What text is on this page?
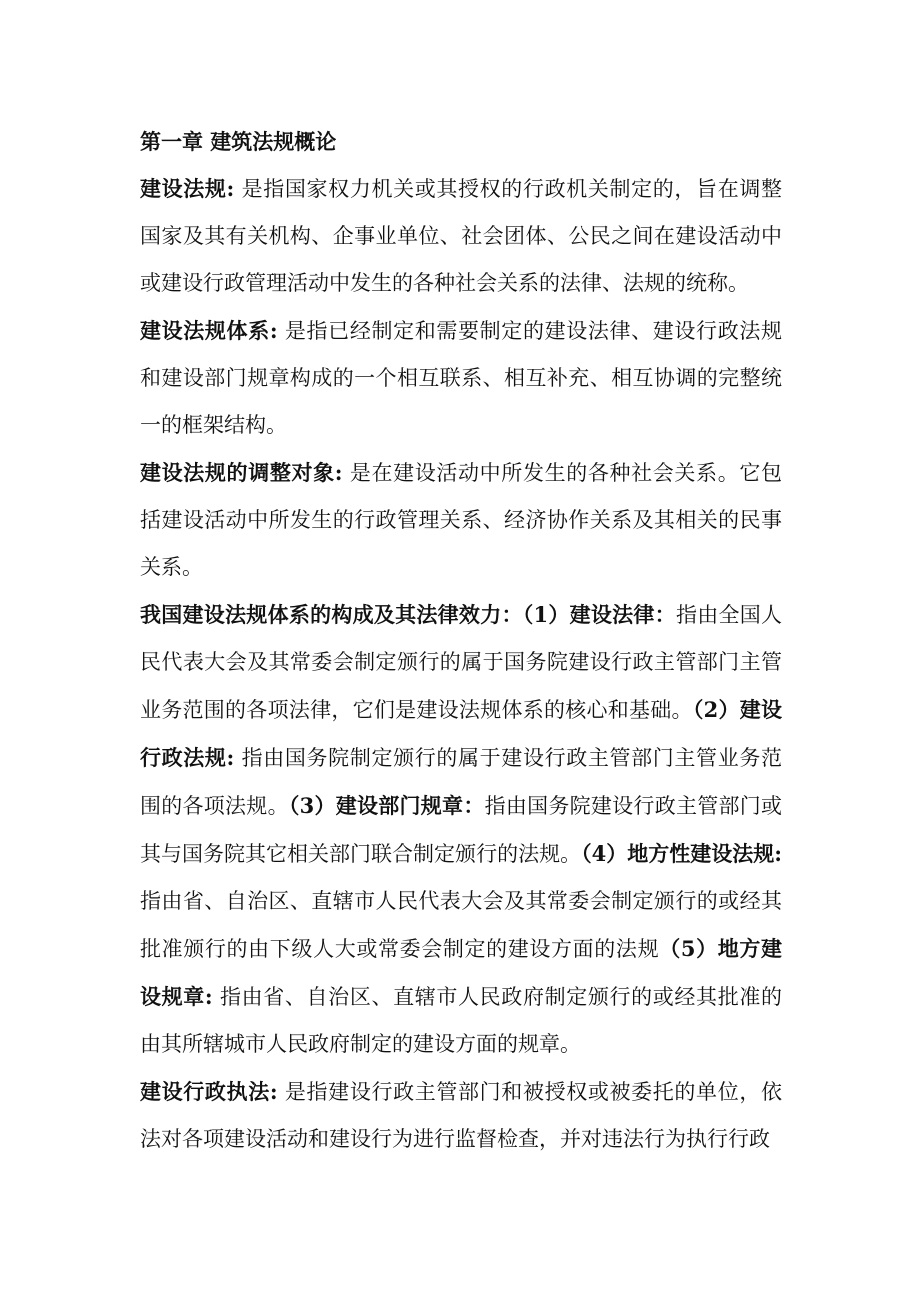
第一章 建筑法规概论

建设法规: 是指国家权力机关或其授权的行政机关制定的，旨在调整国家及其有关机构、企事业单位、社会团体、公民之间在建设活动中或建设行政管理活动中发生的各种社会关系的法律、法规的统称。

建设法规体系: 是指已经制定和需要制定的建设法律、建设行政法规和建设部门规章构成的一个相互联系、相互补充、相互协调的完整统一的框架结构。

建设法规的调整对象: 是在建设活动中所发生的各种社会关系。它包括建设活动中所发生的行政管理关系、经济协作关系及其相关的民事关系。

我国建设法规体系的构成及其法律效力：（1）建设法律：指由全国人民代表大会及其常委会制定颁行的属于国务院建设行政主管部门主管业务范围的各项法律，它们是建设法规体系的核心和基础。（2）建设行政法规: 指由国务院制定颁行的属于建设行政主管部门主管业务范围的各项法规。（3）建设部门规章：指由国务院建设行政主管部门或其与国务院其它相关部门联合制定颁行的法规。（4）地方性建设法规: 指由省、自治区、直辖市人民代表大会及其常委会制定颁行的或经其批准颁行的由下级人大或常委会制定的建设方面的法规（5）地方建设规章: 指由省、自治区、直辖市人民政府制定颁行的或经其批准的由其所辖城市人民政府制定的建设方面的规章。

建设行政执法: 是指建设行政主管部门和被授权或被委托的单位，依法对各项建设活动和建设行为进行监督检查，并对违法行为执行行政
